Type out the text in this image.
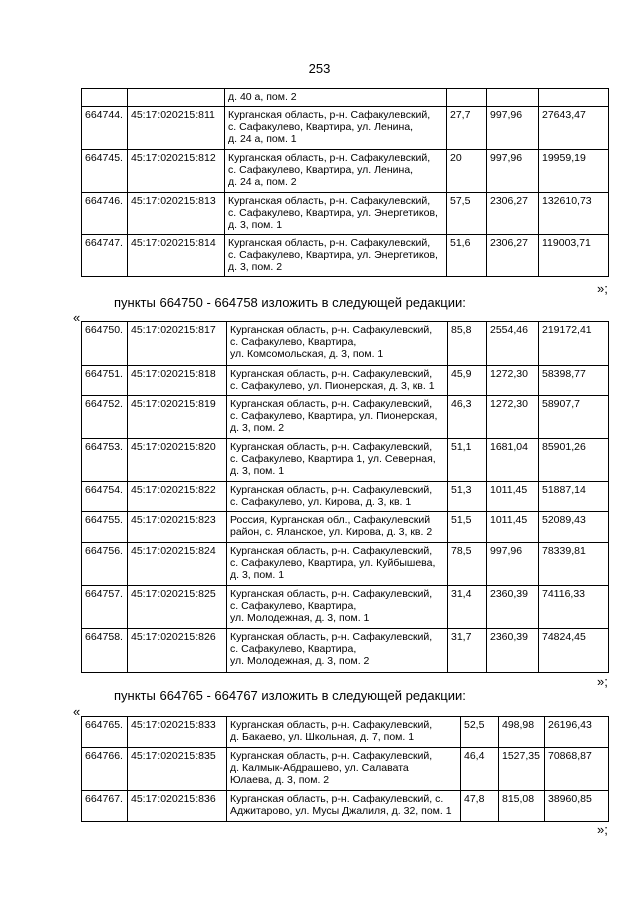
253
		д. 40 а, пом. 2			
664744.	45:17:020215:811	Курганская область, р-н. Сафакулевский,
с. Сафакулево, Квартира, ул. Ленина,
д. 24 а, пом. 1	27,7	997,96	27643,47
664745.	45:17:020215:812	Курганская область, р-н. Сафакулевский,
с. Сафакулево, Квартира, ул. Ленина,
д. 24 а, пом. 2	20	997,96	19959,19
664746.	45:17:020215:813	Курганская область, р-н. Сафакулевский,
с. Сафакулево, Квартира, ул. Энергетиков,
д. 3, пом. 1	57,5	2306,27	132610,73
664747.	45:17:020215:814	Курганская область, р-н. Сафакулевский,
с. Сафакулево, Квартира, ул. Энергетиков,
д. 3, пом. 2	51,6	2306,27	119003,71
»;
пункты 664750 - 664758 изложить в следующей редакции:
«
664750.	45:17:020215:817	Курганская область, р-н. Сафакулевский,
с. Сафакулево, Квартира,
ул. Комсомольская, д. 3, пом. 1	85,8	2554,46	219172,41
664751.	45:17:020215:818	Курганская область, р-н. Сафакулевский,
с. Сафакулево, ул. Пионерская, д. 3, кв. 1	45,9	1272,30	58398,77
664752.	45:17:020215:819	Курганская область, р-н. Сафакулевский,
с. Сафакулево, Квартира, ул. Пионерская,
д. 3, пом. 2	46,3	1272,30	58907,7
664753.	45:17:020215:820	Курганская область, р-н. Сафакулевский,
с. Сафакулево, Квартира 1, ул. Северная,
д. 3, пом. 1	51,1	1681,04	85901,26
664754.	45:17:020215:822	Курганская область, р-н. Сафакулевский,
с. Сафакулево, ул. Кирова, д. 3, кв. 1	51,3	1011,45	51887,14
664755.	45:17:020215:823	Россия, Курганская обл., Сафакулевский
район, с. Яланское, ул. Кирова, д. 3, кв. 2	51,5	1011,45	52089,43
664756.	45:17:020215:824	Курганская область, р-н. Сафакулевский,
с. Сафакулево, Квартира, ул. Куйбышева,
д. 3, пом. 1	78,5	997,96	78339,81
664757.	45:17:020215:825	Курганская область, р-н. Сафакулевский,
с. Сафакулево, Квартира,
ул. Молодежная, д. 3, пом. 1	31,4	2360,39	74116,33
664758.	45:17:020215:826	Курганская область, р-н. Сафакулевский,
с. Сафакулево, Квартира,
ул. Молодежная, д. 3, пом. 2	31,7	2360,39	74824,45
»;
пункты 664765 - 664767 изложить в следующей редакции:
«
664765.	45:17:020215:833	Курганская область, р-н. Сафакулевский,
д. Бакаево, ул. Школьная, д. 7, пом. 1	52,5	498,98	26196,43
664766.	45:17:020215:835	Курганская область, р-н. Сафакулевский,
д. Калмык-Абдрашево, ул. Салавата
Юлаева, д. 3, пом. 2	46,4	1527,35	70868,87
664767.	45:17:020215:836	Курганская область, р-н. Сафакулевский, с.
Аджитарово, ул. Мусы Джалиля, д. 32, пом. 1	47,8	815,08	38960,85
»;
